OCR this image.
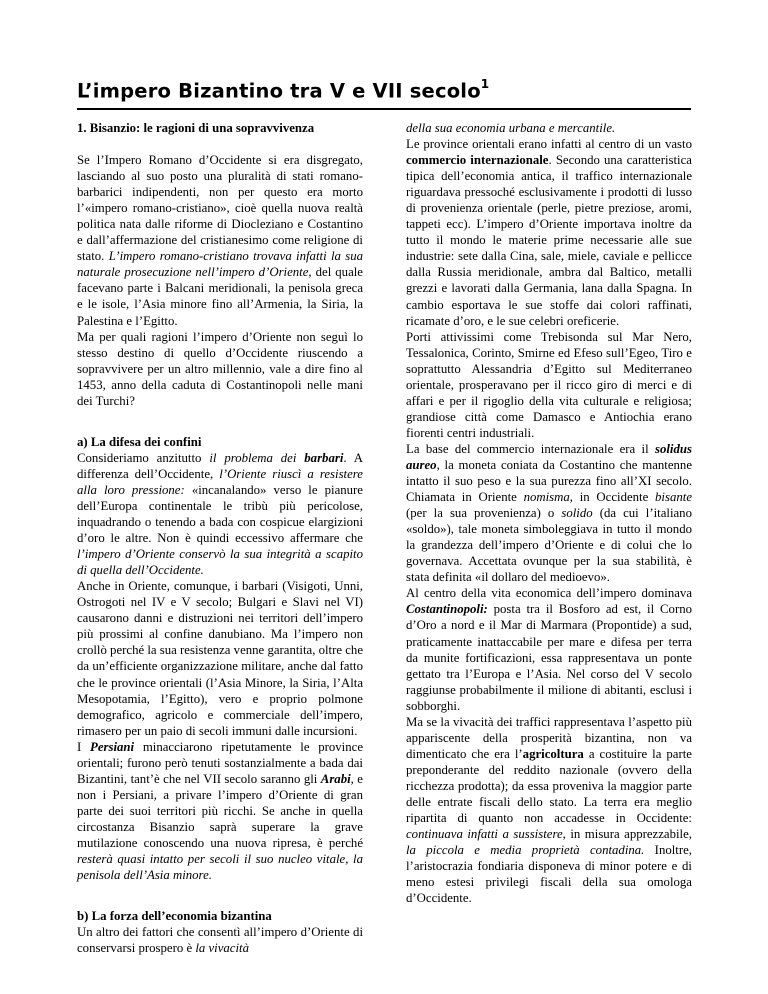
L’impero Bizantino tra V e VII secolo$^1$
1. Bisanzio: le ragioni di una sopravvivenza

Se l’Impero Romano d’Occidente si era disgregato, lasciando al suo posto una pluralità di stati romano-barbarici indipendenti, non per questo era morto l’«impero romano-cristiano», cioè quella nuova realtà politica nata dalle riforme di Diocleziano e Costantino e dall’affermazione del cristianesimo come religione di stato. L’impero romano-cristiano trovava infatti la sua naturale prosecuzione nell’impero d’Oriente, del quale facevano parte i Balcani meridionali, la penisola greca e le isole, l’Asia minore fino all’Armenia, la Siria, la Palestina e l’Egitto.

Ma per quali ragioni l’impero d’Oriente non seguì lo stesso destino di quello d’Occidente riuscendo a sopravvivere per un altro millennio, vale a dire fino al 1453, anno della caduta di Costantinopoli nelle mani dei Turchi?

a) La difesa dei confini

Consideriamo anzitutto il problema dei barbari. A differenza dell’Occidente, l’Oriente riuscì a resistere alla loro pressione: «incanalando» verso le pianure dell’Europa continentale le tribù più pericolose, inquadrando o tenendo a bada con cospicue elargizioni d’oro le altre. Non è quindi eccessivo affermare che l’impero d’Oriente conservò la sua integrità a scapito di quella dell’Occidente.

Anche in Oriente, comunque, i barbari (Visigoti, Unni, Ostrogoti nel IV e V secolo; Bulgari e Slavi nel VI) causarono danni e distruzioni nei territori dell’impero più prossimi al confine danubiano. Ma l’impero non crollò perché la sua resistenza venne garantita, oltre che da un’efficiente organizzazione militare, anche dal fatto che le province orientali (l’Asia Minore, la Siria, l’Alta Mesopotamia, l’Egitto), vero e proprio polmone demografico, agricolo e commerciale dell’impero, rimasero per un paio di secoli immuni dalle incursioni.

I Persiani minacciarono ripetutamente le province orientali; furono però tenuti sostanzialmente a bada dai Bizantini, tant’è che nel VII secolo saranno gli Arabi, e non i Persiani, a privare l’impero d’Oriente di gran parte dei suoi territori più ricchi. Se anche in quella circostanza Bisanzio saprà superare la grave mutilazione conoscendo una nuova ripresa, è perché resterà quasi intatto per secoli il suo nucleo vitale, la penisola dell’Asia minore.

b) La forza dell’economia bizantina

Un altro dei fattori che consentì all’impero d’Oriente di conservarsi prospero è la vivacità

della sua economia urbana e mercantile.

Le province orientali erano infatti al centro di un vasto commercio internazionale. Secondo una caratteristica tipica dell’economia antica, il traffico internazionale riguardava pressoché esclusivamente i prodotti di lusso di provenienza orientale (perle, pietre preziose, aromi, tappeti ecc). L’impero d’Oriente importava inoltre da tutto il mondo le materie prime necessarie alle sue industrie: sete dalla Cina, sale, miele, caviale e pellicce dalla Russia meridionale, ambra dal Baltico, metalli grezzi e lavorati dalla Germania, lana dalla Spagna. In cambio esportava le sue stoffe dai colori raffinati, ricamate d’oro, e le sue celebri oreficerie.

Porti attivissimi come Trebisonda sul Mar Nero, Tessalonica, Corinto, Smirne ed Efeso sull’Egeo, Tiro e soprattutto Alessandria d’Egitto sul Mediterraneo orientale, prosperavano per il ricco giro di merci e di affari e per il rigoglio della vita culturale e religiosa; grandiose città come Damasco e Antiochia erano fiorenti centri industriali.

La base del commercio internazionale era il solidus aureo, la moneta coniata da Costantino che mantenne intatto il suo peso e la sua purezza fino all’XI secolo. Chiamata in Oriente nomisma, in Occidente bisante (per la sua provenienza) o solido (da cui l’italiano «soldo»), tale moneta simboleggiava in tutto il mondo la grandezza dell’impero d’Oriente e di colui che lo governava. Accettata ovunque per la sua stabilità, è stata definita «il dollaro del medioevo».

Al centro della vita economica dell’impero dominava Costantinopoli: posta tra il Bosforo ad est, il Corno d’Oro a nord e il Mar di Marmara (Propontide) a sud, praticamente inattaccabile per mare e difesa per terra da munite fortificazioni, essa rappresentava un ponte gettato tra l’Europa e l’Asia. Nel corso del V secolo raggiunse probabilmente il milione di abitanti, esclusi i sobborghi.

Ma se la vivacità dei traffici rappresentava l’aspetto più appariscente della prosperità bizantina, non va dimenticato che era l’agricoltura a costituire la parte preponderante del reddito nazionale (ovvero della ricchezza prodotta); da essa proveniva la maggior parte delle entrate fiscali dello stato. La terra era meglio ripartita di quanto non accadesse in Occidente: continuava infatti a sussistere, in misura apprezzabile, la piccola e media proprietà contadina. Inoltre, l’aristocrazia fondiaria disponeva di minor potere e di meno estesi privilegi fiscali della sua omologa d’Occidente.
